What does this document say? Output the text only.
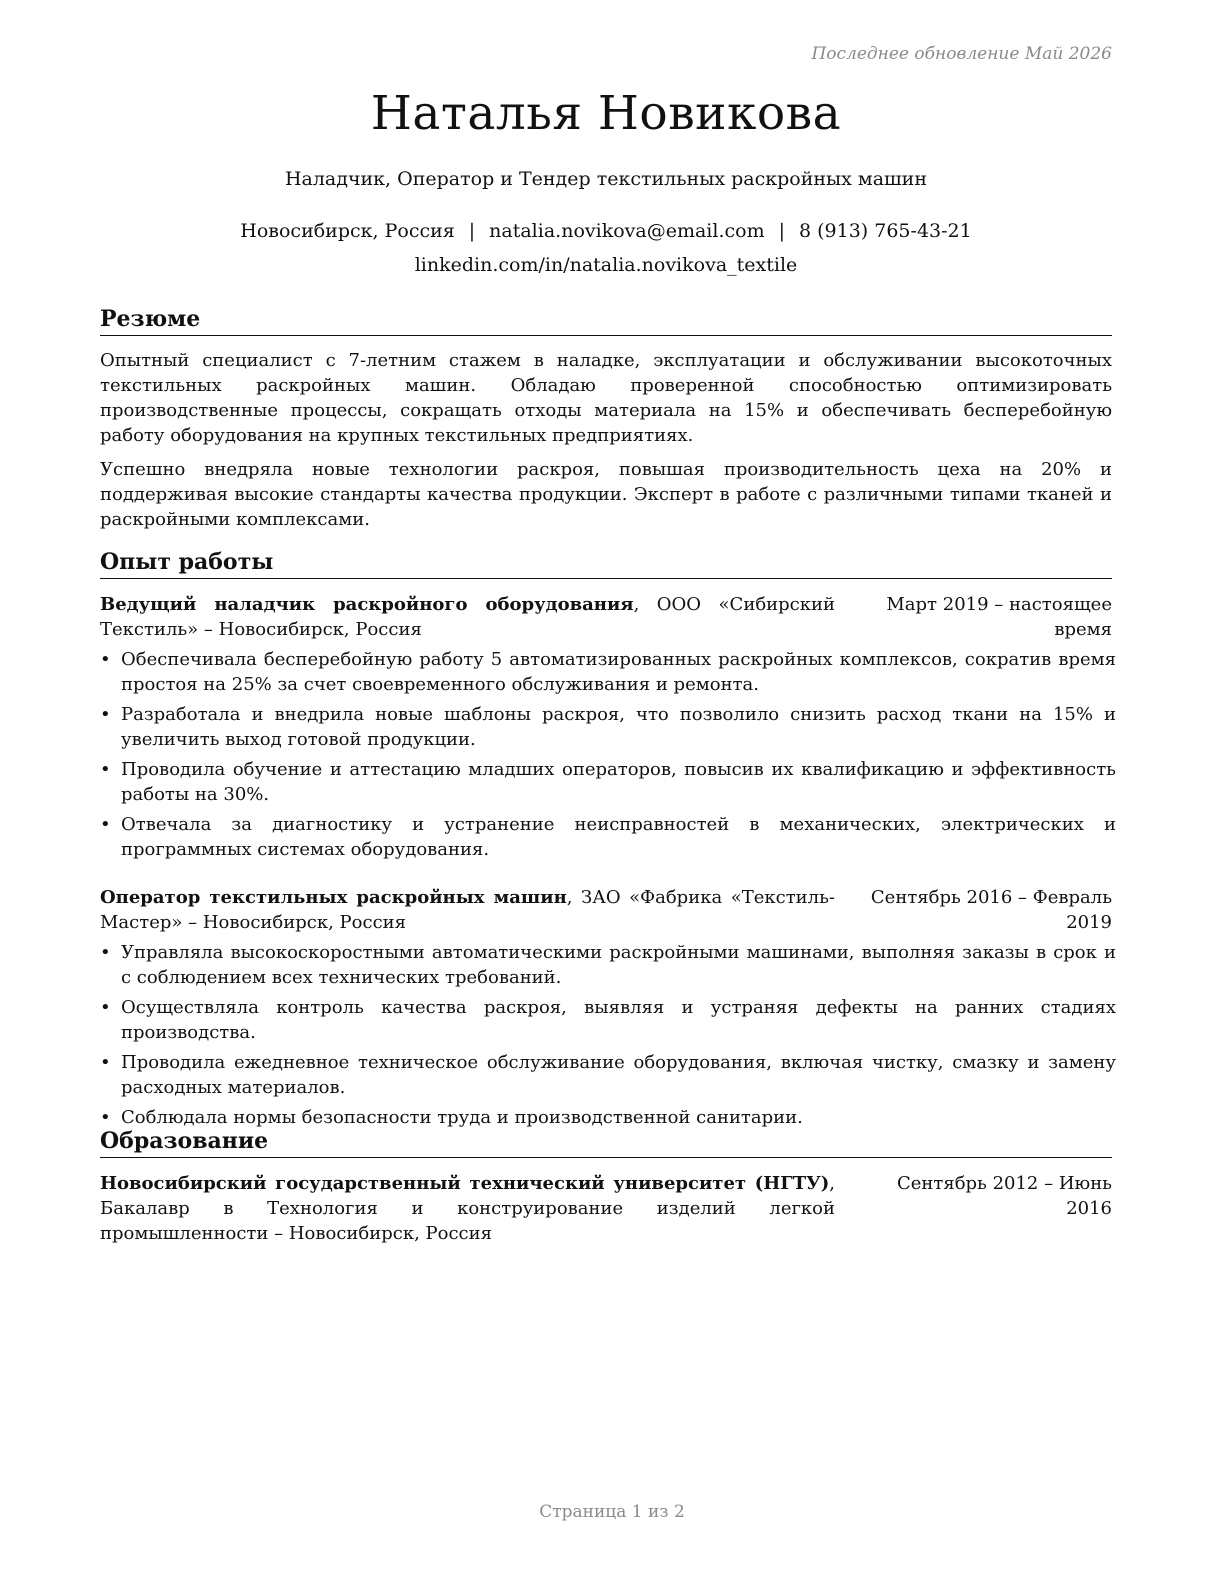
Последнее обновление Май 2026
Наталья Новикова
Наладчик, Оператор и Тендер текстильных раскройных машин
Новосибирск, Россия | natalia.novikova@email.com | 8 (913) 765-43-21
linkedin.com/in/natalia.novikova_textile
Резюме

Опытный специалист с 7-летним стажем в наладке, эксплуатации и обслуживании высокоточных текстильных раскройных машин. Обладаю проверенной способностью оптимизировать производственные процессы, сокращать отходы материала на 15% и обеспечивать бесперебойную работу оборудования на крупных текстильных предприятиях.

Успешно внедряла новые технологии раскроя, повышая производительность цеха на 20% и поддерживая высокие стандарты качества продукции. Эксперт в работе с различными типами тканей и раскройными комплексами.

Опыт работы
Ведущий наладчик раскройного оборудования, ООО «Сибирский Текстиль» – Новосибирск, Россия
Март 2019 – настоящее время
• Обеспечивала бесперебойную работу 5 автоматизированных раскройных комплексов, сократив время простоя на 25% за счет своевременного обслуживания и ремонта.
• Разработала и внедрила новые шаблоны раскроя, что позволило снизить расход ткани на 15% и увеличить выход готовой продукции.
• Проводила обучение и аттестацию младших операторов, повысив их квалификацию и эффективность работы на 30%.
• Отвечала за диагностику и устранение неисправностей в механических, электрических и программных системах оборудования.
Оператор текстильных раскройных машин, ЗАО «Фабрика «Текстиль-Мастер» – Новосибирск, Россия
Сентябрь 2016 – Февраль 2019
• Управляла высокоскоростными автоматическими раскройными машинами, выполняя заказы в срок и с соблюдением всех технических требований.
• Осуществляла контроль качества раскроя, выявляя и устраняя дефекты на ранних стадиях производства.
• Проводила ежедневное техническое обслуживание оборудования, включая чистку, смазку и замену расходных материалов.
• Соблюдала нормы безопасности труда и производственной санитарии.
Образование
Новосибирский государственный технический университет (НГТУ), Бакалавр в Технология и конструирование изделий легкой промышленности – Новосибирск, Россия
Сентябрь 2012 – Июнь 2016
Страница 1 из 2
